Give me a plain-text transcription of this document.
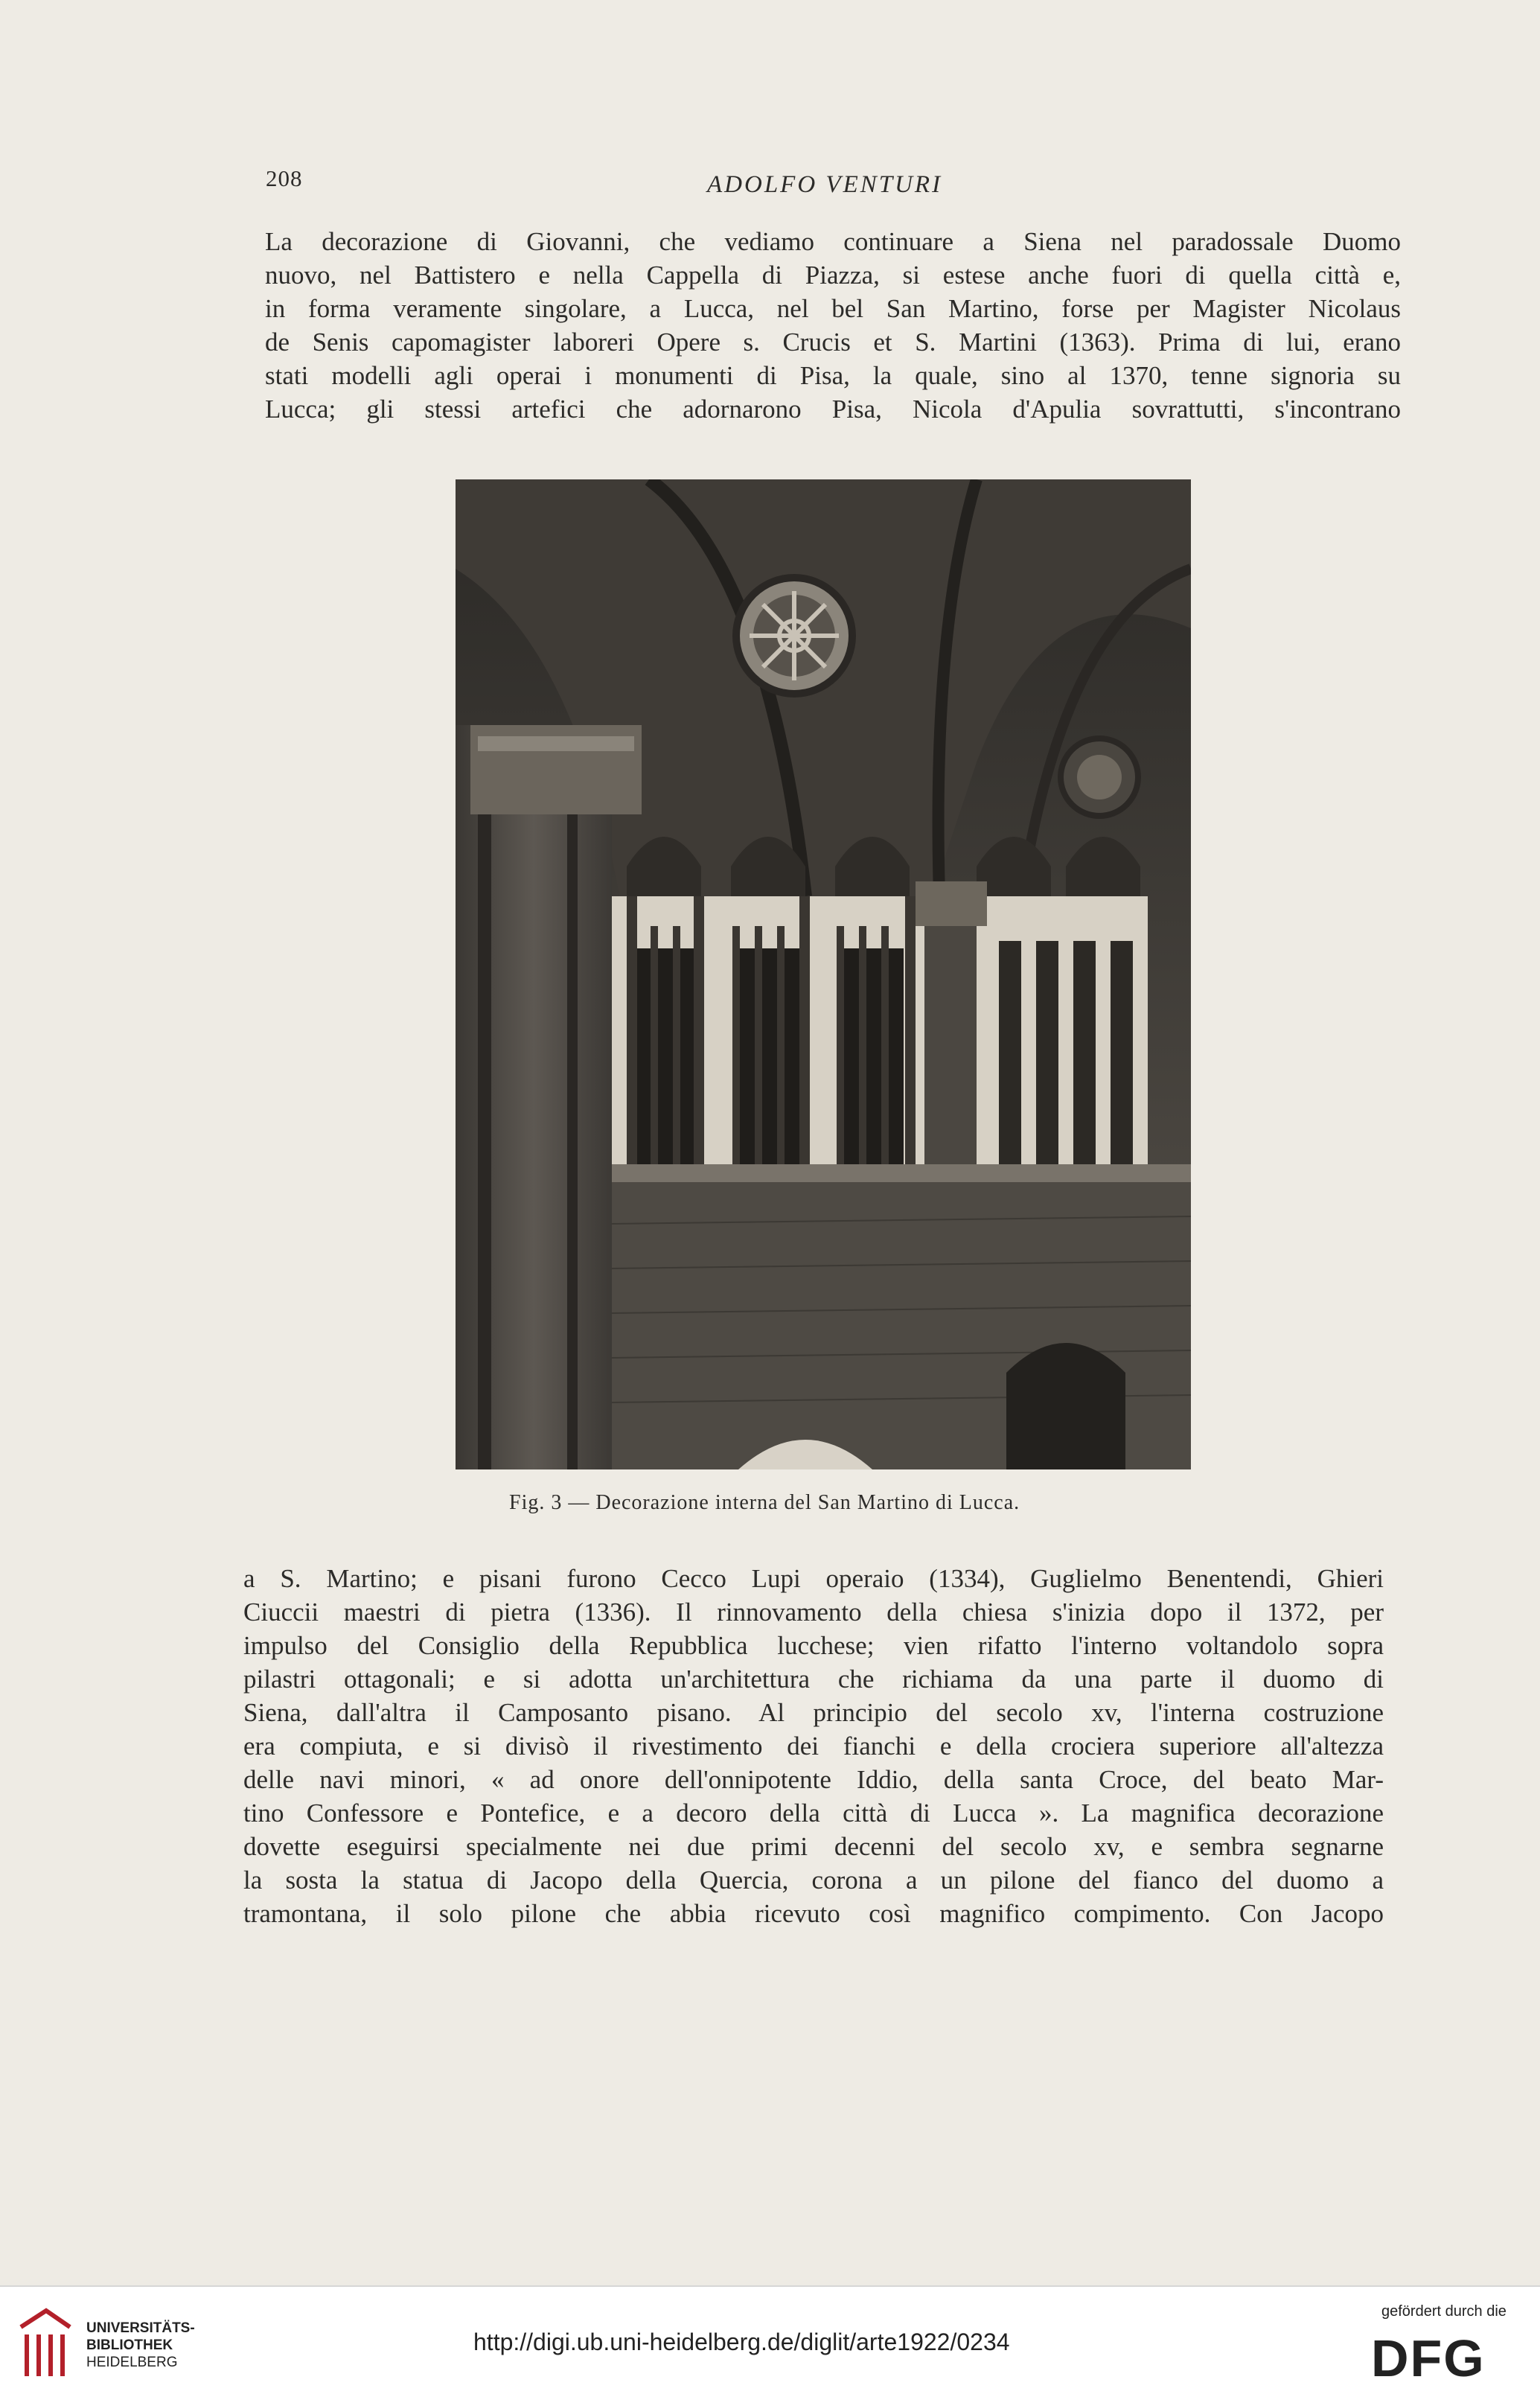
208	ADOLFO VENTURI
La decorazione di Giovanni, che vediamo continuare a Siena nel paradossale Duomo
nuovo, nel Battistero e nella Cappella di Piazza, si estese anche fuori di quella città e,
in forma veramente singolare, a Lucca, nel bel San Martino, forse per Magister Nicolaus
de Senis capomagister laboreri Opere s. Crucis et S. Martini (1363). Prima di lui, erano
stati modelli agli operai i monumenti di Pisa, la quale, sino al 1370, tenne signoria su
Lucca; gli stessi artefici che adornarono Pisa, Nicola d'Apulia sovrattutti, s'incontrano
Fig. 3 — Decorazione interna del San Martino di Lucca.
a S. Martino; e pisani furono Cecco Lupi operaio (1334), Guglielmo Benentendi, Ghieri
Ciuccii maestri di pietra (1336). Il rinnovamento della chiesa s'inizia dopo il 1372, per
impulso del Consiglio della Repubblica lucchese; vien rifatto l'interno voltandolo sopra
pilastri ottagonali; e si adotta un'architettura che richiama da una parte il duomo di
Siena, dall'altra il Camposanto pisano. Al principio del secolo xv, l'interna costruzione
era compiuta, e si divisò il rivestimento dei fianchi e della crociera superiore all'altezza
delle navi minori, « ad onore dell'onnipotente Iddio, della santa Croce, del beato Mar-
tino Confessore e Pontefice, e a decoro della città di Lucca ». La magnifica decorazione
dovette eseguirsi specialmente nei due primi decenni del secolo xv, e sembra segnarne
la sosta la statua di Jacopo della Quercia, corona a un pilone del fianco del duomo a
tramontana, il solo pilone che abbia ricevuto così magnifico compimento. Con Jacopo
UNIVERSITÄTS-
BIBLIOTHEK
HEIDELBERG
http://digi.ub.uni-heidelberg.de/diglit/arte1922/0234
gefördert durch die
DFG
